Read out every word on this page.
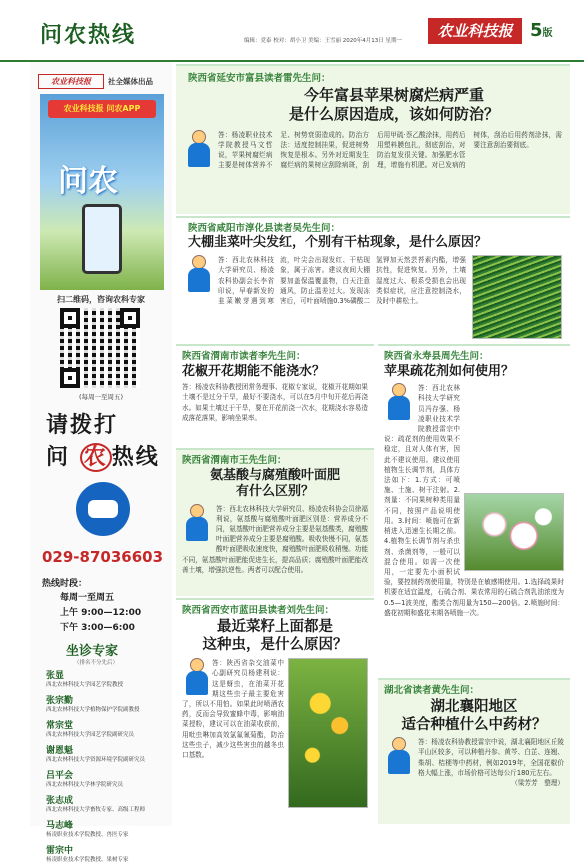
问农热线	编辑：党泰 校对：胡小卫 美编：王雪丽 2020年4月13日 星期一
农业科技报 5版
农业科技报	社全媒体出品
农业科技报 问农APP
问农
扫二维码，咨询农科专家
(每周一至周五)
请拨打
问 农 热线
029-87036603
热线时段：
每周一至周五
上午 9:00—12:00
下午 3:00—6:00
坐诊专家
（排名不分先后）
张显
西北农林科技大学园艺学院教授
张宗勤
西北农林科技大学植物保护学院副教授
常宗堂
西北农林科技大学园艺学院副研究员
谢恩魁
西北农林科技大学资源环境学院副研究员
吕平会
西北农林科技大学林学院研究员
张志成
西北农林科技大学畜牧专家、高级工程师
马志峰
杨凌职业技术学院教授、兽医专家
雷宗中
杨凌职业技术学院教授、果树专家
陕西省延安市富县读者雷先生问：
今年富县苹果树腐烂病严重
是什么原因造成，该如何防治？
答：杨凌职业技术学院教授马文哲说，苹果树腐烂病主要是树体营养不足、树势衰弱造成的。防治方法：适度控制挂果，促进树势恢复是根本。另外对近期发生腐烂病的果树应刮除病斑，刮后用甲硫·萘乙酸涂抹，用药后用塑料膜包扎，彻底刮治，对防治复发很关键。加强肥水管理，增施有机肥。对已发病的树体，刮治后用药剂涂抹，需要注意刮治要彻底。
陕西省咸阳市淳化县读者吴先生问：
大棚韭菜叶尖发红，个别有干枯现象，是什么原因？
答：西北农林科技大学研究员、杨凌农科协副会长李省印说，早春新发的韭菜嫩芽遇到寒流，叶尖会出现发红、干枯现象，属于冻害。建议夜间大棚要加盖保温覆盖物，白天注意通风，防止温差过大。发现冻害后，可叶面喷施0.3%磷酸二氢钾加天然芸苔素内酯，增强抗性，促进恢复。另外，土壤湿度过大、根系受损也会出现类似症状，应注意控制浇水，及时中耕松土。
陕西省渭南市读者李先生问：
花椒开花期能不能浇水？
答：杨凌农科协教授团常务理事、花椒专家说，花椒开花期如果土壤不是过分干旱，最好不要浇水，可以在5月中旬开花后再浇水。如果土壤过于干旱，要在开花前浇一次水，花期浇水容易造成落花落果，影响坐果率。
陕西省渭南市王先生问：
氨基酸与腐殖酸叶面肥
有什么区别？
答：西北农林科技大学研究员、杨凌农科协会员徐福利说，氨基酸与腐殖酸叶面肥区别是：营养成分不同，氨基酸叶面肥营养成分主要是氨基酸类，腐殖酸叶面肥营养成分主要是腐殖酸。吸收快慢不同，氨基酸叶面肥吸收速度快，腐殖酸叶面肥吸收稍慢。功能不同，氨基酸叶面肥能促进生长，提高品质；腐殖酸叶面肥能改善土壤，增强抗逆性。两者可以配合使用。
陕西省西安市蓝田县读者刘先生问：
最近菜籽上面都是
这种虫，是什么原因？
答：陕西省杂交油菜中心副研究员杨建利说：这是蚜虫，在油菜开花期这些虫子最主要危害了，所以不用怕。如果此时喷酒农药，反而会导致蜜蜂中毒，影响油菜授粉，建议可以在油菜收获前，用吡虫啉加高效氯氟氰菊酯，防治这些虫子，减少这些害虫的越冬虫口基数。
陕西省永寿县周先生问：
苹果疏花剂如何使用？
答：西北农林科技大学研究员冯存强、杨凌职业技术学院教授雷宗中说：疏花剂的使用效果不稳定，且对人体有害，因此不建议使用。建议使用植物生长调节剂，具体方法如下：1.方式：可喷施、土施、树干注射。2.剂量：不同果树种类用量不同，按照产品说明使用。3.时间：喷施可在新梢进入迅速生长期之前。4.植物生长调节剂与杀虫剂、杀菌剂等，一般可以混合使用。如需一次使用，一定要先小面积试验，要控制药剂使用量，特别是在敏感期使用。1.选择疏果时机要在适宜温度，石硫合剂、果农常用的石硫合剂乳油浓度为0.5—1波美度，酯类合剂用量为150—200倍。2.喷施时间：盛花初期和盛花末期各喷施一次。
湖北省读者黄先生问：
湖北襄阳地区
适合种植什么中药材？
答：杨凌农科协教授雷宗中说，湖北襄阳地区丘陵平山区较多，可以种植丹参、黄芩、白芷、连翘、柴胡、桔梗等中药材，例如2019年，全国花椒价格大幅上涨，市场价格可达每公斤180元左右。
（梁芳芳　整理）
